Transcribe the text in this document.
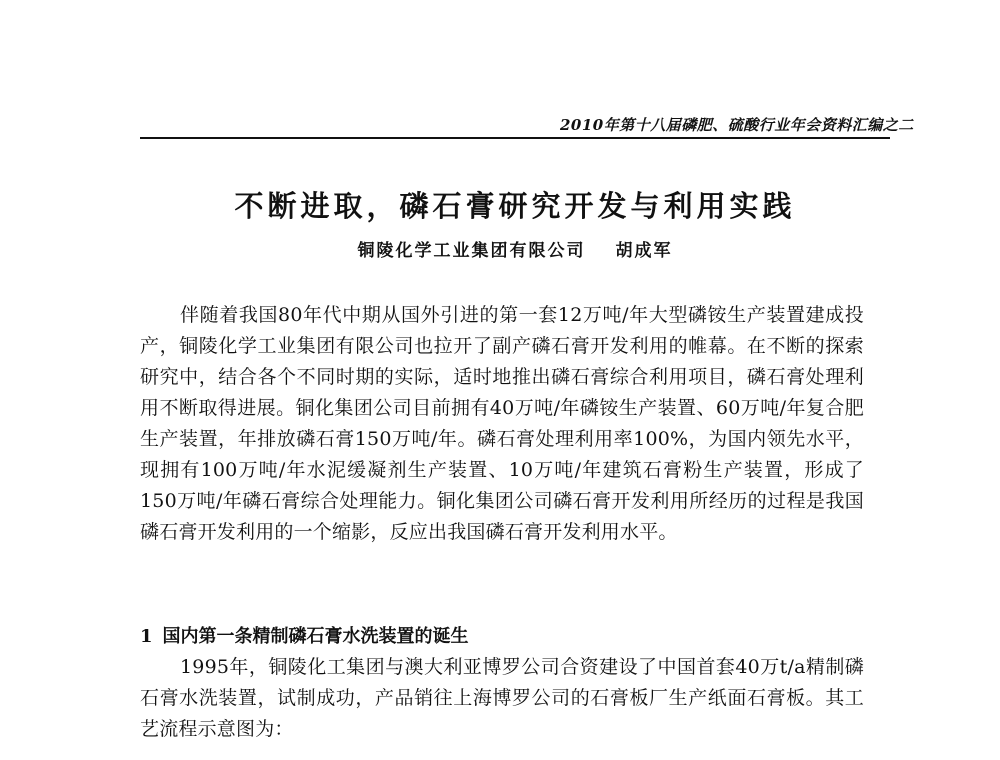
2010年第十八届磷肥、硫酸行业年会资料汇编之二
不断进取，磷石膏研究开发与利用实践
铜陵化学工业集团有限公司 胡成军
伴随着我国80年代中期从国外引进的第一套12万吨/年大型磷铵生产装置建成投产，铜陵化学工业集团有限公司也拉开了副产磷石膏开发利用的帷幕。在不断的探索研究中，结合各个不同时期的实际，适时地推出磷石膏综合利用项目，磷石膏处理利用不断取得进展。铜化集团公司目前拥有40万吨/年磷铵生产装置、60万吨/年复合肥生产装置，年排放磷石膏150万吨/年。磷石膏处理利用率100%，为国内领先水平，现拥有100万吨/年水泥缓凝剂生产装置、10万吨/年建筑石膏粉生产装置，形成了150万吨/年磷石膏综合处理能力。铜化集团公司磷石膏开发利用所经历的过程是我国磷石膏开发利用的一个缩影，反应出我国磷石膏开发利用水平。
1 国内第一条精制磷石膏水洗装置的诞生
1995年，铜陵化工集团与澳大利亚博罗公司合资建设了中国首套40万t/a精制磷石膏水洗装置，试制成功，产品销往上海博罗公司的石膏板厂生产纸面石膏板。其工艺流程示意图为：
